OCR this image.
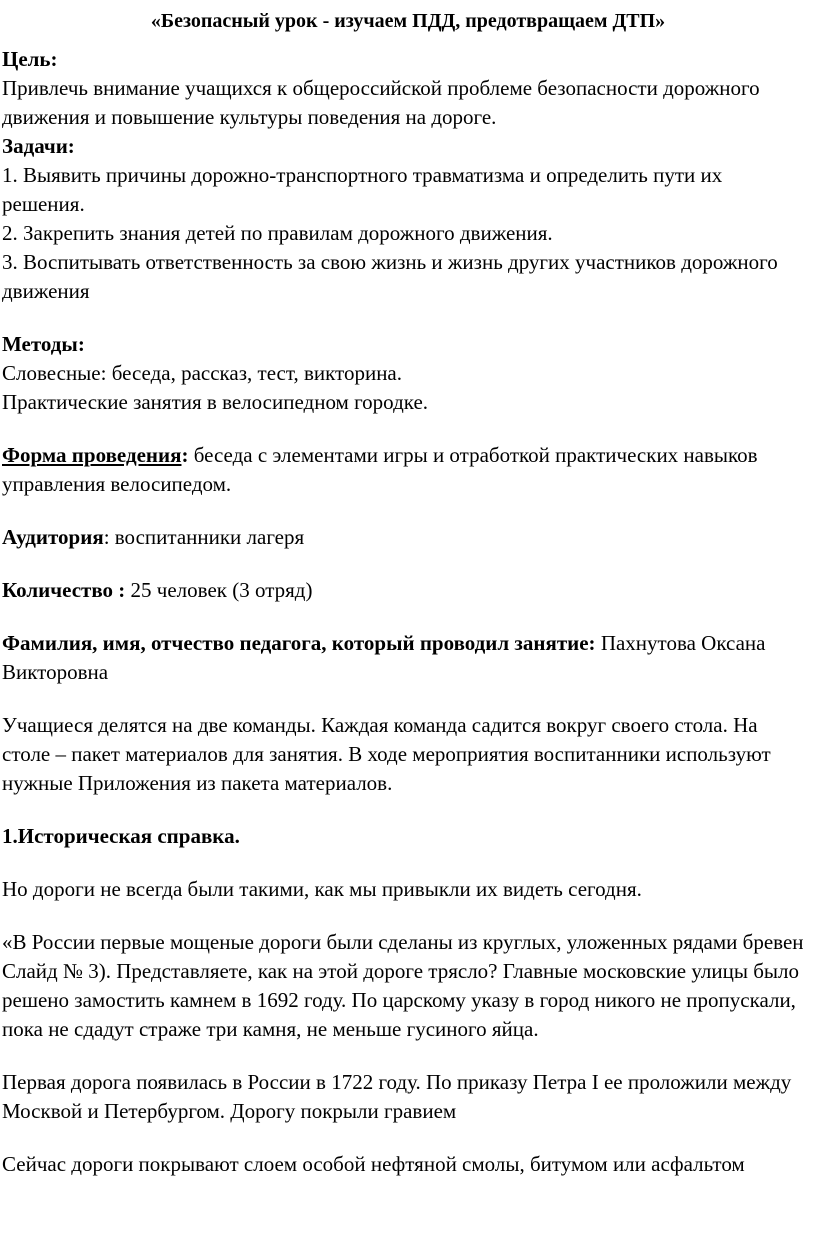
«Безопасный урок - изучаем ПДД, предотвращаем ДТП»

Цель:

Привлечь внимание учащихся к общероссийской проблеме безопасности дорожного движения и повышение культуры поведения на дороге.

Задачи:

1. Выявить причины дорожно-транспортного травматизма и определить пути их решения.

2. Закрепить знания детей по правилам дорожного движения.

3. Воспитывать ответственность за свою жизнь и жизнь других участников дорожного движения

Методы:

Словесные: беседа, рассказ, тест, викторина.

Практические занятия в велосипедном городке.

Форма проведения: беседа с элементами игры и отработкой практических навыков управления велосипедом.

Аудитория: воспитанники лагеря

Количество : 25 человек (3 отряд)

Фамилия, имя, отчество педагога, который проводил занятие: Пахнутова Оксана Викторовна

Учащиеся делятся на две команды. Каждая команда садится вокруг своего стола. На столе – пакет материалов для занятия. В ходе мероприятия воспитанники используют нужные Приложения из пакета материалов.

1.Историческая справка.

Но дороги не всегда были такими, как мы привыкли их видеть сегодня.

«В России первые мощеные дороги были сделаны из круглых, уложенных рядами бревен Слайд № 3). Представляете, как на этой дороге трясло? Главные московские улицы было решено замостить камнем в 1692 году. По царскому указу в город никого не пропускали, пока не сдадут страже три камня, не меньше гусиного яйца.

Первая дорога появилась в России в 1722 году. По приказу Петра I ее проложили между Москвой и Петербургом. Дорогу покрыли гравием

Сейчас дороги покрывают слоем особой нефтяной смолы, битумом или асфальтом
